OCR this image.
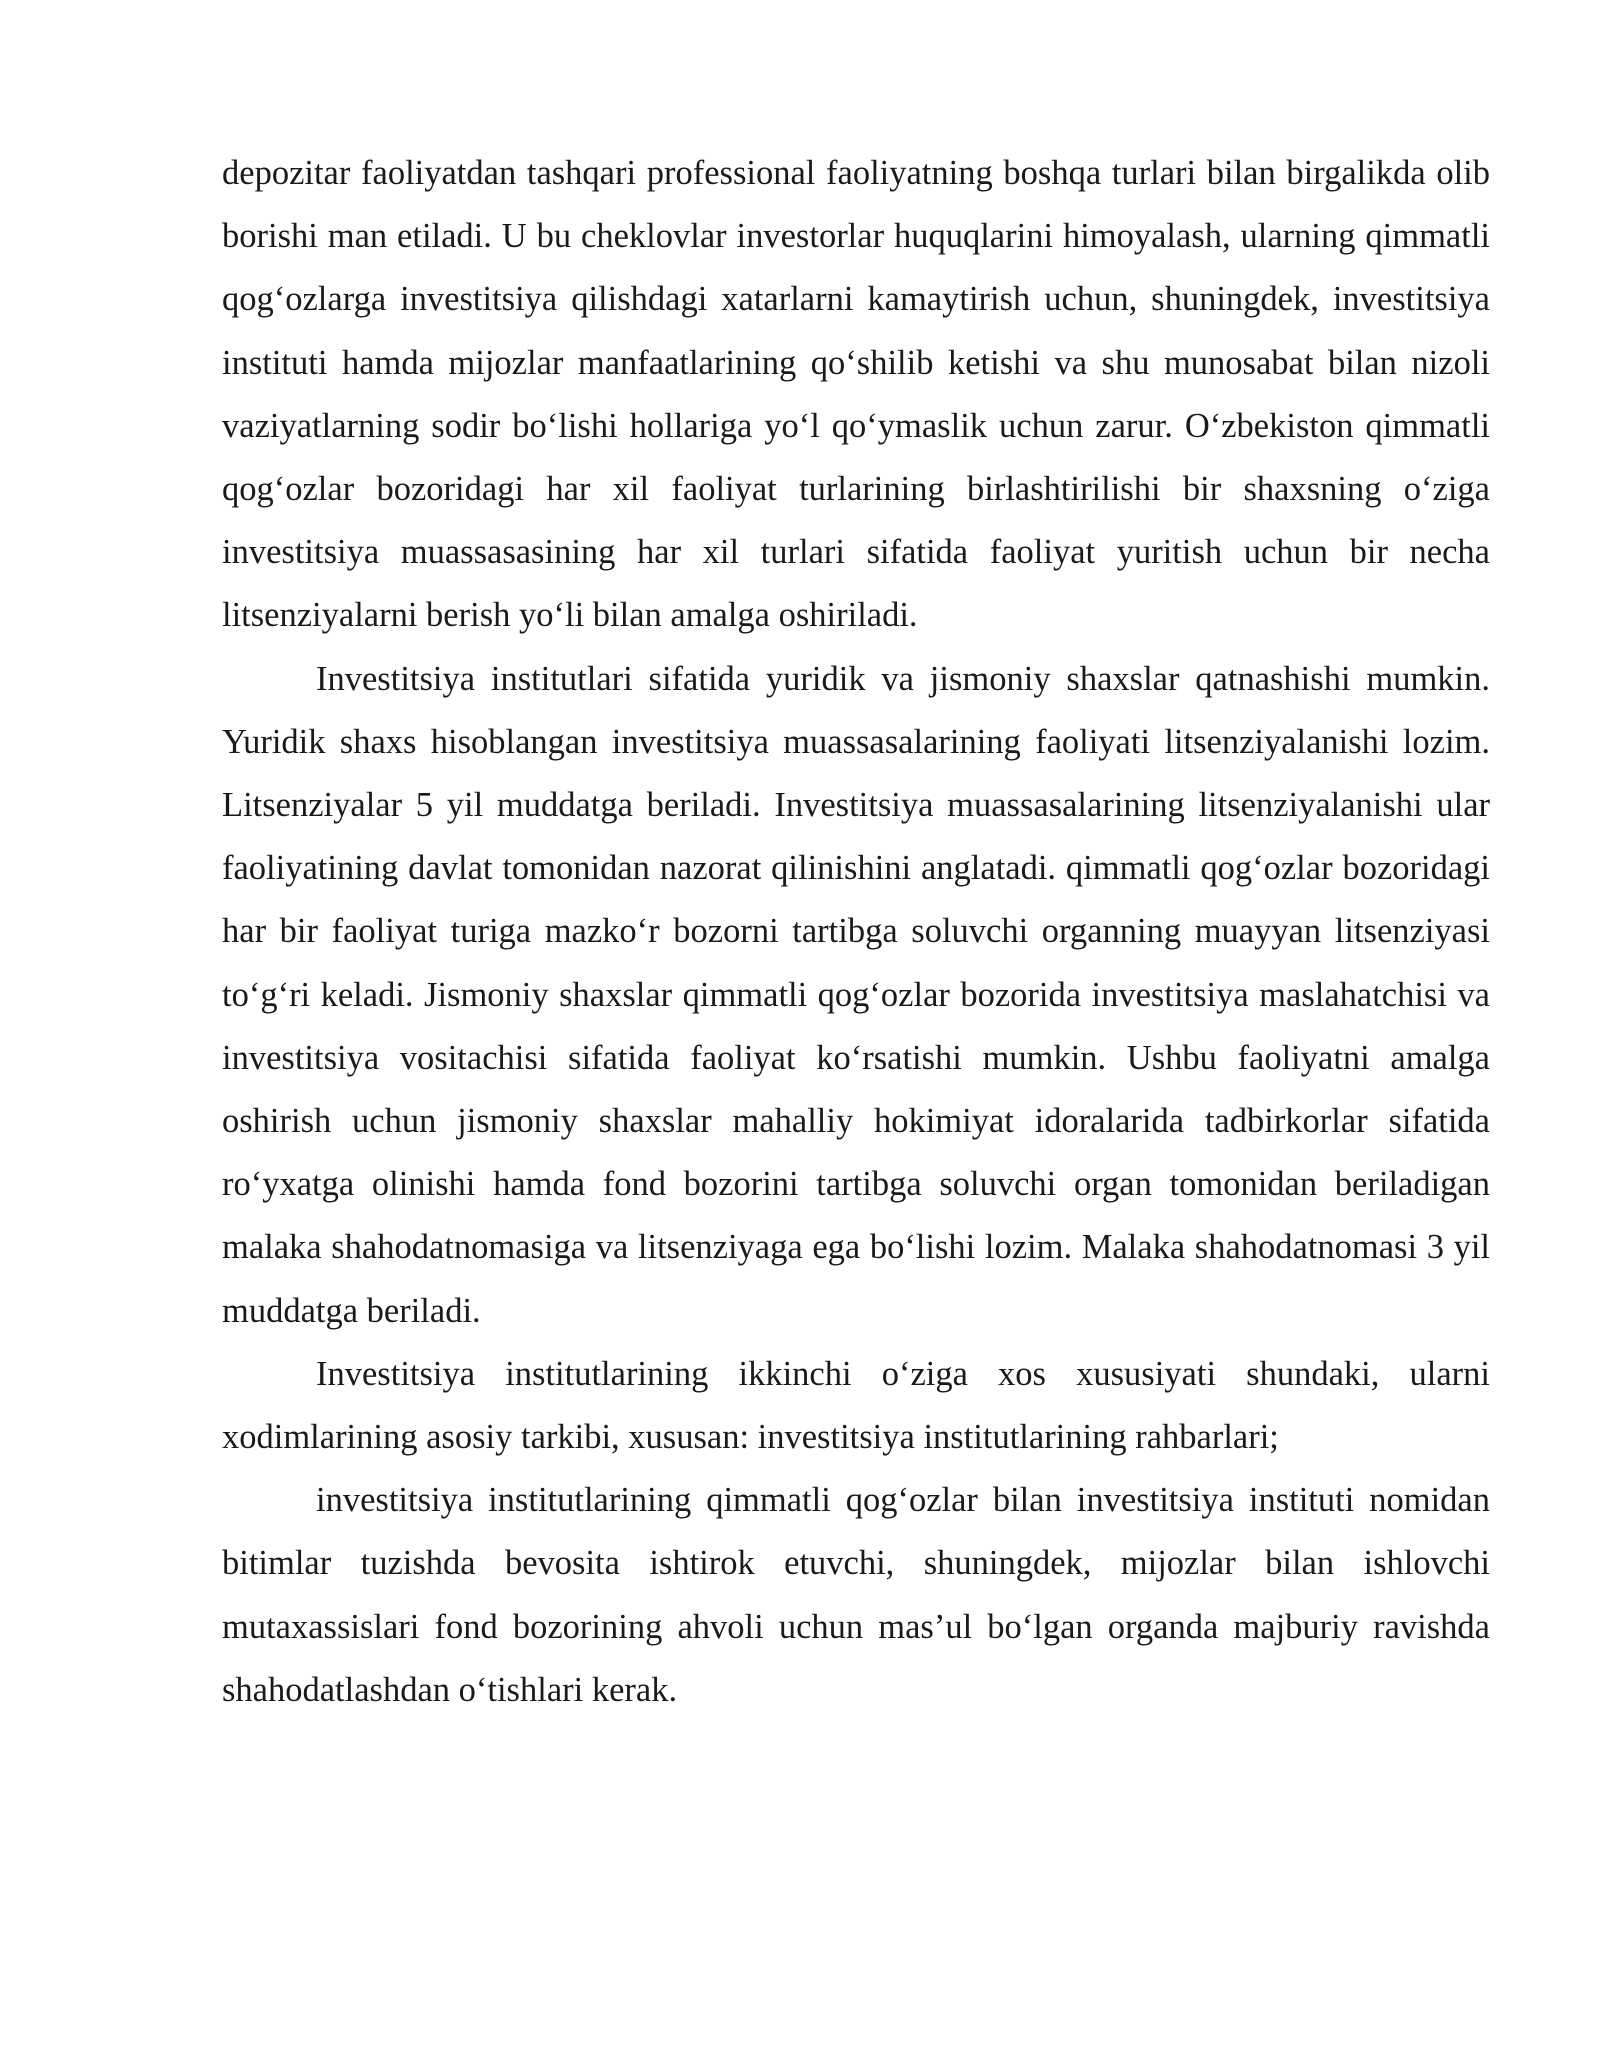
depozitar faoliyatdan tashqari professional faoliyatning boshqa turlari bilan birgalikda olib borishi man etiladi. U bu cheklovlar investorlar huquqlarini himoyalash, ularning qimmatli qog‘ozlarga investitsiya qilishdagi xatarlarni kamaytirish uchun, shuningdek, investitsiya instituti hamda mijozlar manfaatlarining qo‘shilib ketishi va shu munosabat bilan nizoli vaziyatlarning sodir bo‘lishi hollariga yo‘l qo‘ymaslik uchun zarur. O‘zbekiston qimmatli qog‘ozlar bozoridagi har xil faoliyat turlarining birlashtirilishi bir shaxsning o‘ziga investitsiya muassasasining har xil turlari sifatida faoliyat yuritish uchun bir necha litsenziyalarni berish yo‘li bilan amalga oshiriladi.

Investitsiya institutlari sifatida yuridik va jismoniy shaxslar qatnashishi mumkin. Yuridik shaxs hisoblangan investitsiya muassasalarining faoliyati litsenziyalanishi lozim. Litsenziyalar 5 yil muddatga beriladi. Investitsiya muassasalarining litsenziyalanishi ular faoliyatining davlat tomonidan nazorat qilinishini anglatadi. qimmatli qog‘ozlar bozoridagi har bir faoliyat turiga mazko‘r bozorni tartibga soluvchi organning muayyan litsenziyasi to‘g‘ri keladi. Jismoniy shaxslar qimmatli qog‘ozlar bozorida investitsiya maslahatchisi va investitsiya vositachisi sifatida faoliyat ko‘rsatishi mumkin. Ushbu faoliyatni amalga oshirish uchun jismoniy shaxslar mahalliy hokimiyat idoralarida tadbirkorlar sifatida ro‘yxatga olinishi hamda fond bozorini tartibga soluvchi organ tomonidan beriladigan malaka shahodatnomasiga va litsenziyaga ega bo‘lishi lozim. Malaka shahodatnomasi 3 yil muddatga beriladi.

Investitsiya institutlarining ikkinchi o‘ziga xos xususiyati shundaki, ularni xodimlarining asosiy tarkibi, xususan: investitsiya institutlarining rahbarlari;

investitsiya institutlarining qimmatli qog‘ozlar bilan investitsiya instituti nomidan bitimlar tuzishda bevosita ishtirok etuvchi, shuningdek, mijozlar bilan ishlovchi mutaxassislari fond bozorining ahvoli uchun mas’ul bo‘lgan organda majburiy ravishda shahodatlashdan o‘tishlari kerak.
